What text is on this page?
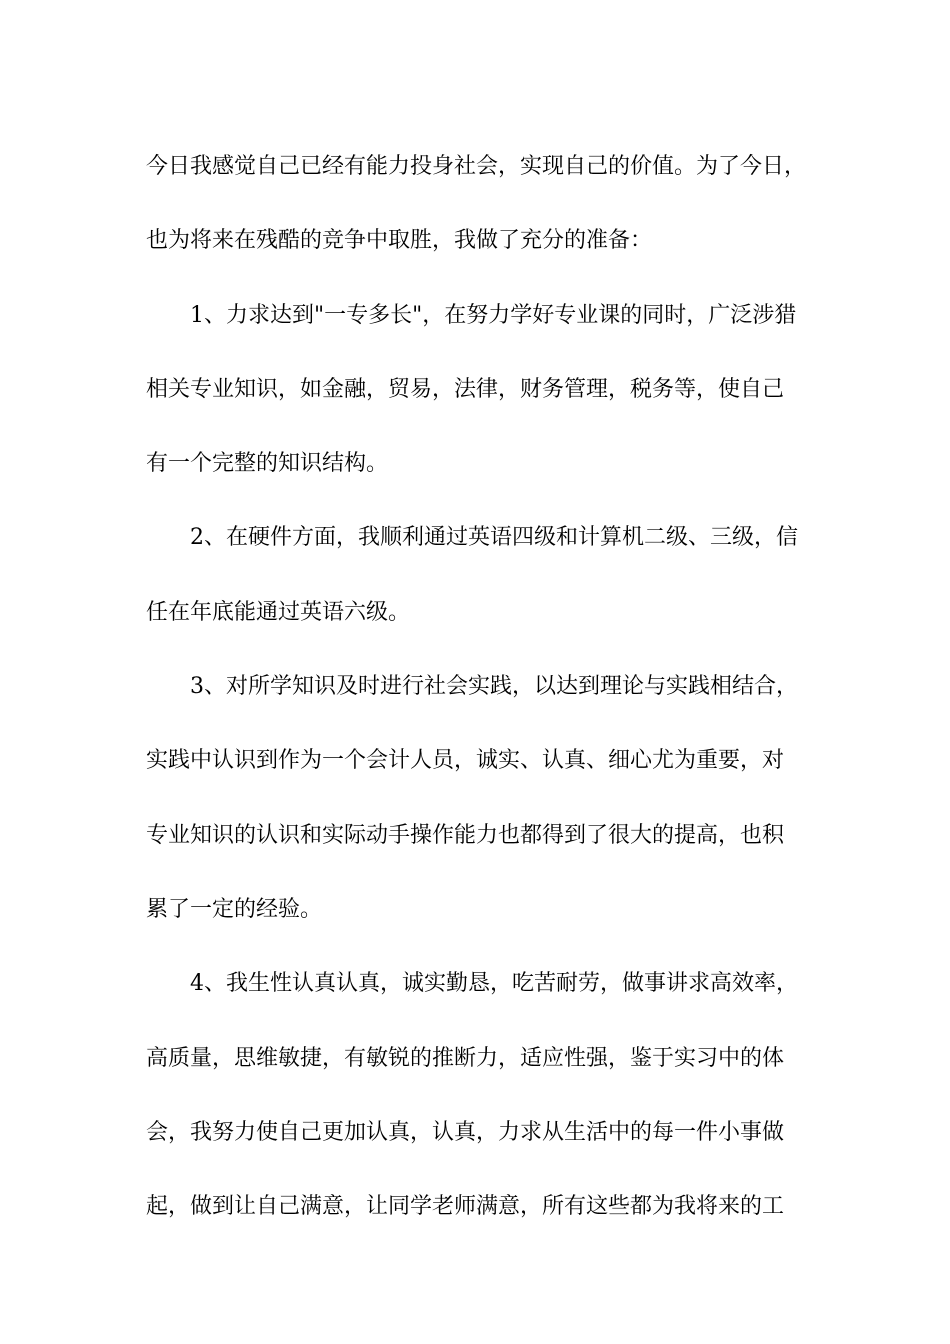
今日我感觉自己已经有能力投身社会，实现自己的价值。为了今日，
也为将来在残酷的竞争中取胜，我做了充分的准备：
1、力求达到"一专多长"，在努力学好专业课的同时，广泛涉猎
相关专业知识，如金融，贸易，法律，财务管理，税务等，使自己
有一个完整的知识结构。
2、在硬件方面，我顺利通过英语四级和计算机二级、三级，信
任在年底能通过英语六级。
3、对所学知识及时进行社会实践，以达到理论与实践相结合，
实践中认识到作为一个会计人员，诚实、认真、细心尤为重要，对
专业知识的认识和实际动手操作能力也都得到了很大的提高，也积
累了一定的经验。
4、我生性认真认真，诚实勤恳，吃苦耐劳，做事讲求高效率，
高质量，思维敏捷，有敏锐的推断力，适应性强，鉴于实习中的体
会，我努力使自己更加认真，认真，力求从生活中的每一件小事做
起，做到让自己满意，让同学老师满意，所有这些都为我将来的工
